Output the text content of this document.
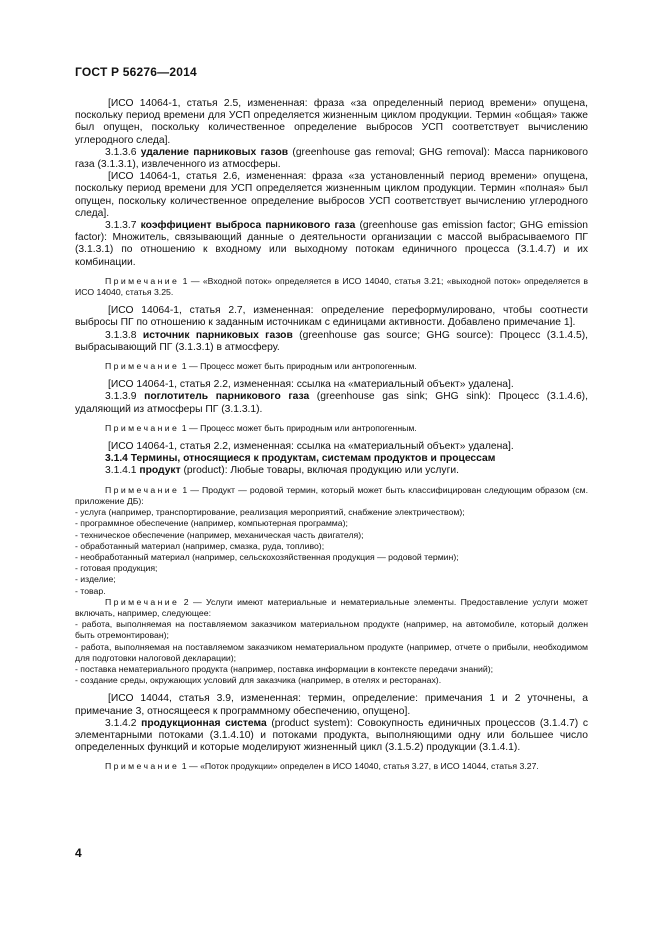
ГОСТ Р 56276—2014

[ИСО 14064-1, статья 2.5, измененная: фраза «за определенный период времени» опущена, поскольку период времени для УСП определяется жизненным циклом продукции. Термин «общая» также был опущен, поскольку количественное определение выбросов УСП соответствует вычислению углеродного следа].

3.1.3.6 удаление парниковых газов (greenhouse gas removal; GHG removal): Масса парникового газа (3.1.3.1), извлеченного из атмосферы.

[ИСО 14064-1, статья 2.6, измененная: фраза «за установленный период времени» опущена, поскольку период времени для УСП определяется жизненным циклом продукции. Термин «полная» был опущен, поскольку количественное определение выбросов УСП соответствует вычислению углеродного следа].

3.1.3.7 коэффициент выброса парникового газа (greenhouse gas emission factor; GHG emission factor): Множитель, связывающий данные о деятельности организации с массой выбрасываемого ПГ (3.1.3.1) по отношению к входному или выходному потокам единичного процесса (3.1.4.7) и их комбинации.

Примечание 1 — «Входной поток» определяется в ИСО 14040, статья 3.21; «выходной поток» определяется в ИСО 14040, статья 3.25.

[ИСО 14064-1, статья 2.7, измененная: определение переформулировано, чтобы соотнести выбросы ПГ по отношению к заданным источникам с единицами активности. Добавлено примечание 1].

3.1.3.8 источник парниковых газов (greenhouse gas source; GHG source): Процесс (3.1.4.5), выбрасывающий ПГ (3.1.3.1) в атмосферу.

Примечание 1 — Процесс может быть природным или антропогенным.

[ИСО 14064-1, статья 2.2, измененная: ссылка на «материальный объект» удалена].

3.1.3.9 поглотитель парникового газа (greenhouse gas sink; GHG sink): Процесс (3.1.4.6), удаляющий из атмосферы ПГ (3.1.3.1).

Примечание 1 — Процесс может быть природным или антропогенным.

[ИСО 14064-1, статья 2.2, измененная: ссылка на «материальный объект» удалена].

3.1.4 Термины, относящиеся к продуктам, системам продуктов и процессам

3.1.4.1 продукт (product): Любые товары, включая продукцию или услуги.

Примечание 1 — Продукт — родовой термин, который может быть классифицирован следующим образом (см. приложение ДБ):

- услуга (например, транспортирование, реализация мероприятий, снабжение электричеством);

- программное обеспечение (например, компьютерная программа);

- техническое обеспечение (например, механическая часть двигателя);

- обработанный материал (например, смазка, руда, топливо);

- необработанный материал (например, сельскохозяйственная продукция — родовой термин);

- готовая продукция;

- изделие;

- товар.

Примечание 2 — Услуги имеют материальные и нематериальные элементы. Предоставление услуги может включать, например, следующее:

- работа, выполняемая на поставляемом заказчиком материальном продукте (например, на автомобиле, который должен быть отремонтирован);

- работа, выполняемая на поставляемом заказчиком нематериальном продукте (например, отчете о прибыли, необходимом для подготовки налоговой декларации);

- поставка нематериального продукта (например, поставка информации в контексте передачи знаний);

- создание среды, окружающих условий для заказчика (например, в отелях и ресторанах).

[ИСО 14044, статья 3.9, измененная: термин, определение: примечания 1 и 2 уточнены, а примечание 3, относящееся к программному обеспечению, опущено].

3.1.4.2 продукционная система (product system): Совокупность единичных процессов (3.1.4.7) с элементарными потоками (3.1.4.10) и потоками продукта, выполняющими одну или большее число определенных функций и которые моделируют жизненный цикл (3.1.5.2) продукции (3.1.4.1).

Примечание 1 — «Поток продукции» определен в ИСО 14040, статья 3.27, в ИСО 14044, статья 3.27.

4
